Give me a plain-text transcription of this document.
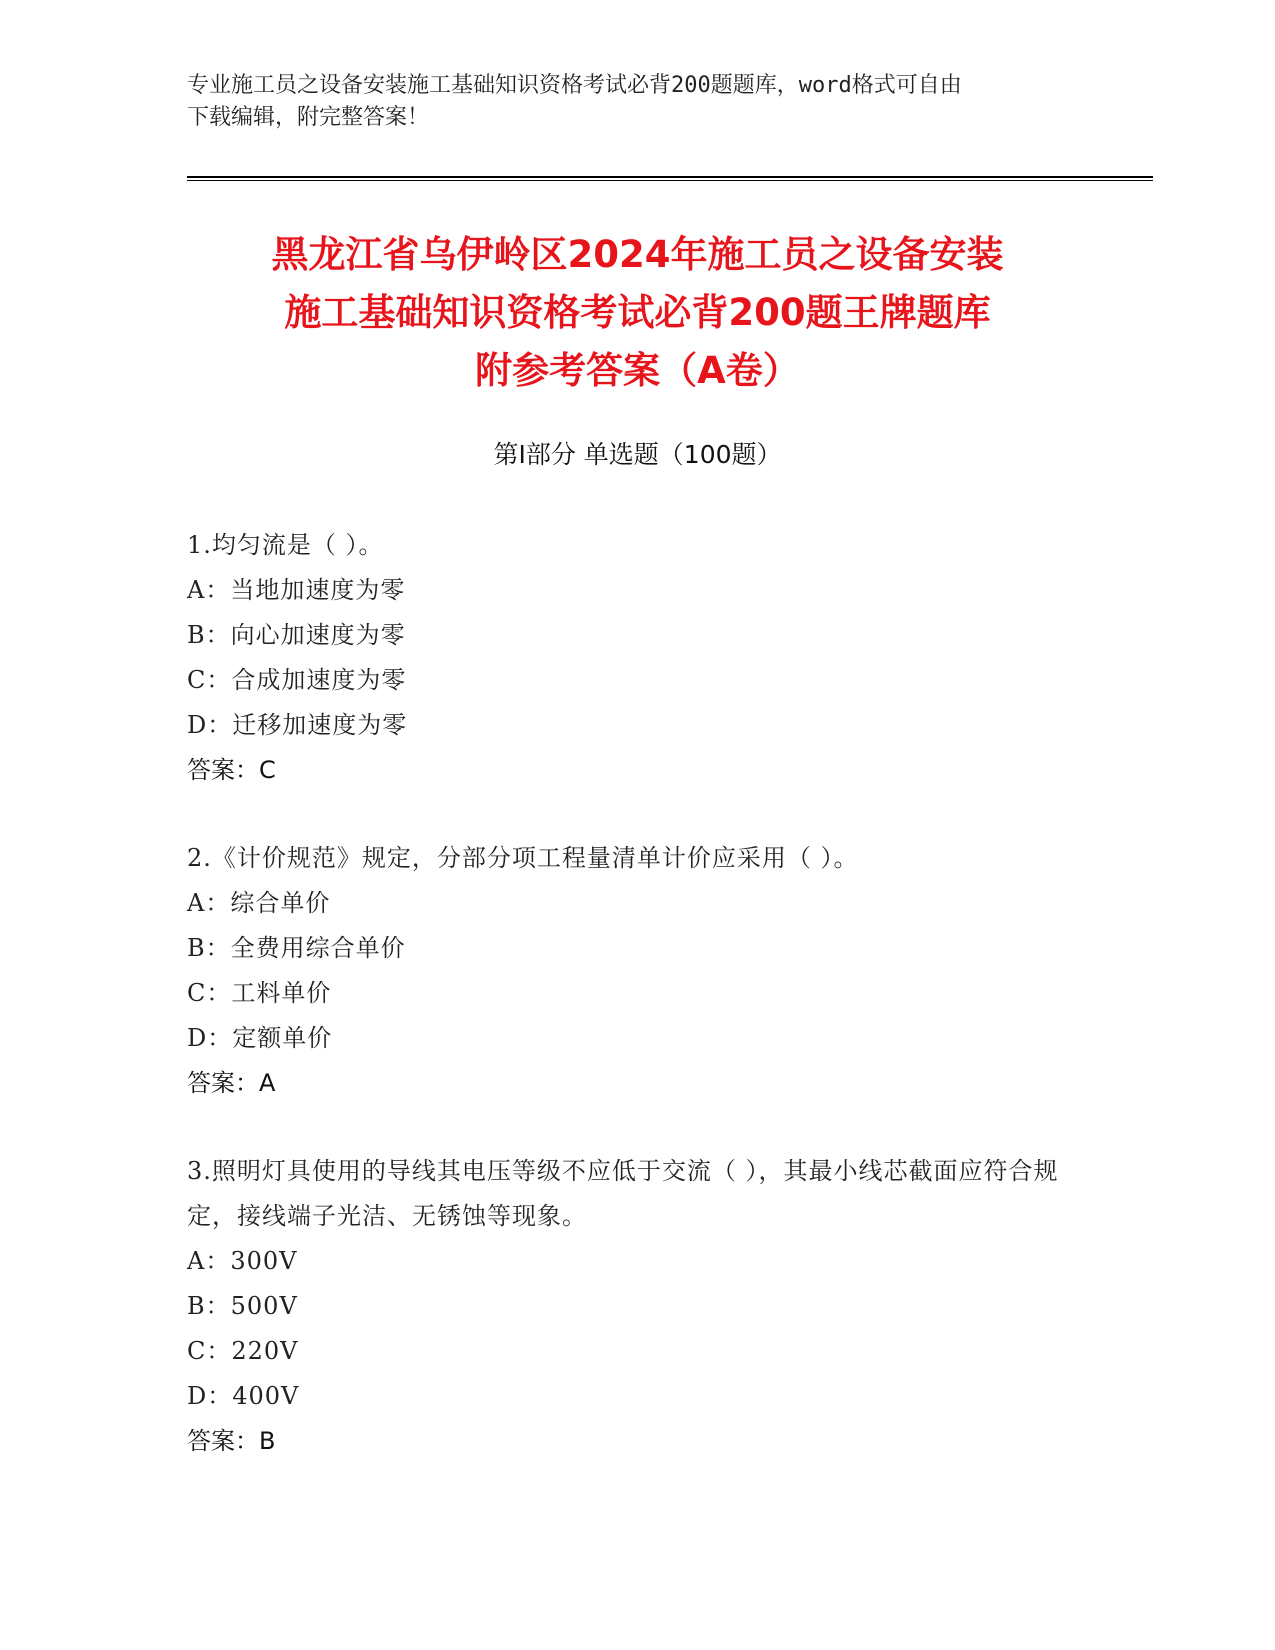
专业施工员之设备安装施工基础知识资格考试必背200题题库，word格式可自由
下载编辑，附完整答案！
黑龙江省乌伊岭区2024年施工员之设备安装
施工基础知识资格考试必背200题王牌题库
附参考答案（A卷）
第Ⅰ部分 单选题（100题）
1.均匀流是（ ）。
A：当地加速度为零
B：向心加速度为零
C：合成加速度为零
D：迁移加速度为零
答案：C
2.《计价规范》规定，分部分项工程量清单计价应采用（ ）。
A：综合单价
B：全费用综合单价
C：工料单价
D：定额单价
答案：A
3.照明灯具使用的导线其电压等级不应低于交流（ ），其最小线芯截面应符合规定，接线端子光洁、无锈蚀等现象。
A：300V
B：500V
C：220V
D：400V
答案：B
